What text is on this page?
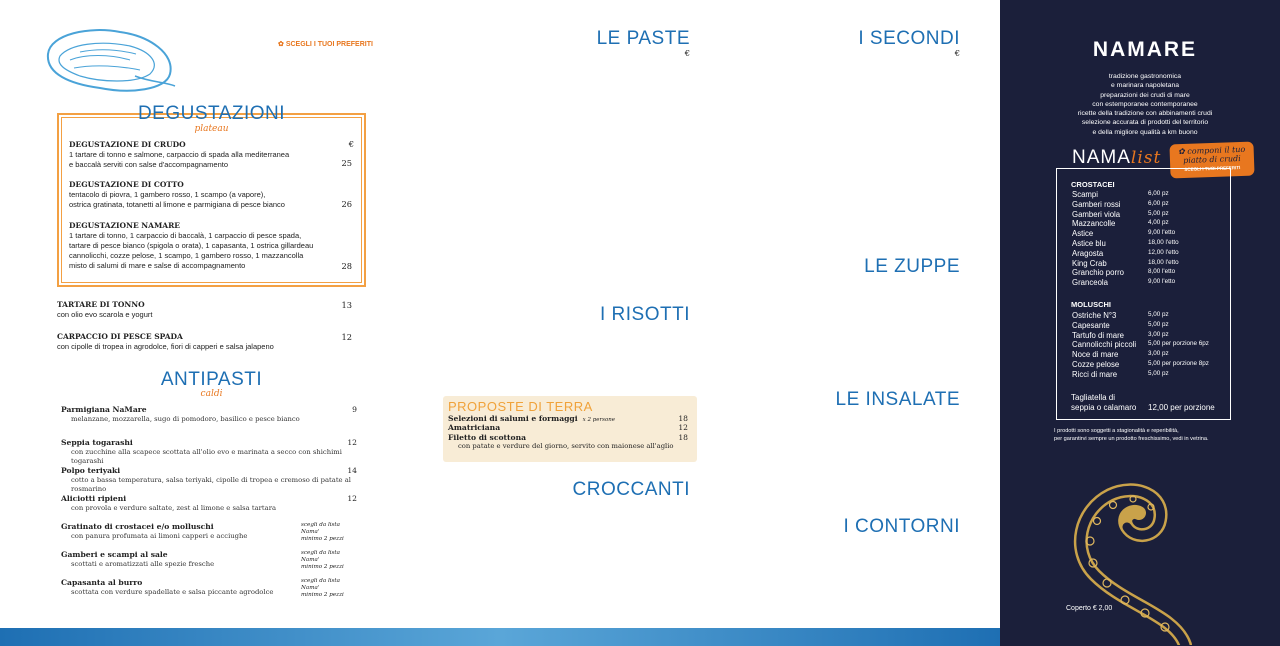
✿ SCEGLI I TUOI PREFERITI
DEGUSTAZIONI
plateau
€
DEGUSTAZIONE DI CRUDO
1 tartare di tonno e salmone, carpaccio di spada alla mediterranea
e baccalà serviti con salse d'accompagnamento	25
DEGUSTAZIONE DI COTTO
tentacolo di piovra, 1 gambero rosso, 1 scampo (a vapore),
ostrica gratinata, totanetti al limone e parmigiana di pesce bianco	26
DEGUSTAZIONE NAMARE
1 tartare di tonno, 1 carpaccio di baccalà, 1 carpaccio di pesce spada,
tartare di pesce bianco (spigola o orata), 1 capasanta, 1 ostrica gillardeau
cannolicchi, cozze pelose, 1 scampo, 1 gambero rosso, 1 mazzancolla
misto di salumi di mare e salse di accompagnamento	28
TARTARE DI TONNO
con olio evo scarola e yogurt
13
CARPACCIO DI PESCE SPADA
con cipolle di tropea in agrodolce, fiori di capperi e salsa jalapeno
12
ANTIPASTI
caldi
Parmigiana NaMare	9
melanzane, mozzarella, sugo di pomodoro, basilico e pesce bianco
Seppia togarashi	12
con zucchine alla scapece scottata all'olio evo e marinata a secco con shichimi togarashi
Polpo teriyaki	14
cotto a bassa temperatura, salsa teriyaki, cipolle di tropea e cremoso di patate al rosmarino
Aliciotti ripieni	12
con provola e verdure saltate, zest al limone e salsa tartara
Gratinato di crostacei e/o molluschi	scegli da lista Nama'
minimo 2 pezzi
con panura profumata ai limoni capperi e acciughe
Gamberi e scampi al sale	scegli da lista Nama'
minimo 2 pezzi
scottati e aromatizzati alle spezie fresche
Capasanta al burro	scegli da lista Nama'
minimo 2 pezzi
scottata con verdure spadellate e salsa piccante agrodolce
LE PASTE
€
I RISOTTI
PROPOSTE DI TERRA
Selezioni di salumi e formaggi x 2 persone	18
Amatriciana	12
Filetto di scottona	18
con patate e verdure del giorno, servito con maionese all'aglio
CROCCANTI
I SECONDI
€
LE ZUPPE
LE INSALATE
I CONTORNI
NAMARE
tradizione gastronomica
e marinara napoletana
preparazioni dei crudi di mare
con estemporanee contemporanee
ricette della tradizione con abbinamenti crudi
selezione accurata di prodotti del territorio
e della migliore qualità a km buono
NAMAlist	✿ componi il tuo
piatto di crudi
SCEGLI I TUOI PREFERITI
CROSTACEI
Scampi	6,00 pz
Gamberi rossi	6,00 pz
Gamberi viola	5,00 pz
Mazzancolle	4,00 pz
Astice	9,00 l'etto
Astice blu	18,00 l'etto
Aragosta	12,00 l'etto
King Crab	18,00 l'etto
Granchio porro	8,00 l'etto
Granceola	9,00 l'etto
MOLUSCHI
Ostriche N°3	5,00 pz
Capesante	5,00 pz
Tartufo di mare	3,00 pz
Cannolicchi piccoli 5,00 per porzione 6pz
Noce di mare	3,00 pz
Cozze pelose	5,00 per porzione 8pz
Ricci di mare	5,00 pz
Tagliatella di
seppia o calamaro 12,00 per porzione
I prodotti sono soggetti a stagionalità e reperibilità,
per garantirvi sempre un prodotto freschissimo, vedi in vetrina.
Coperto € 2,00
